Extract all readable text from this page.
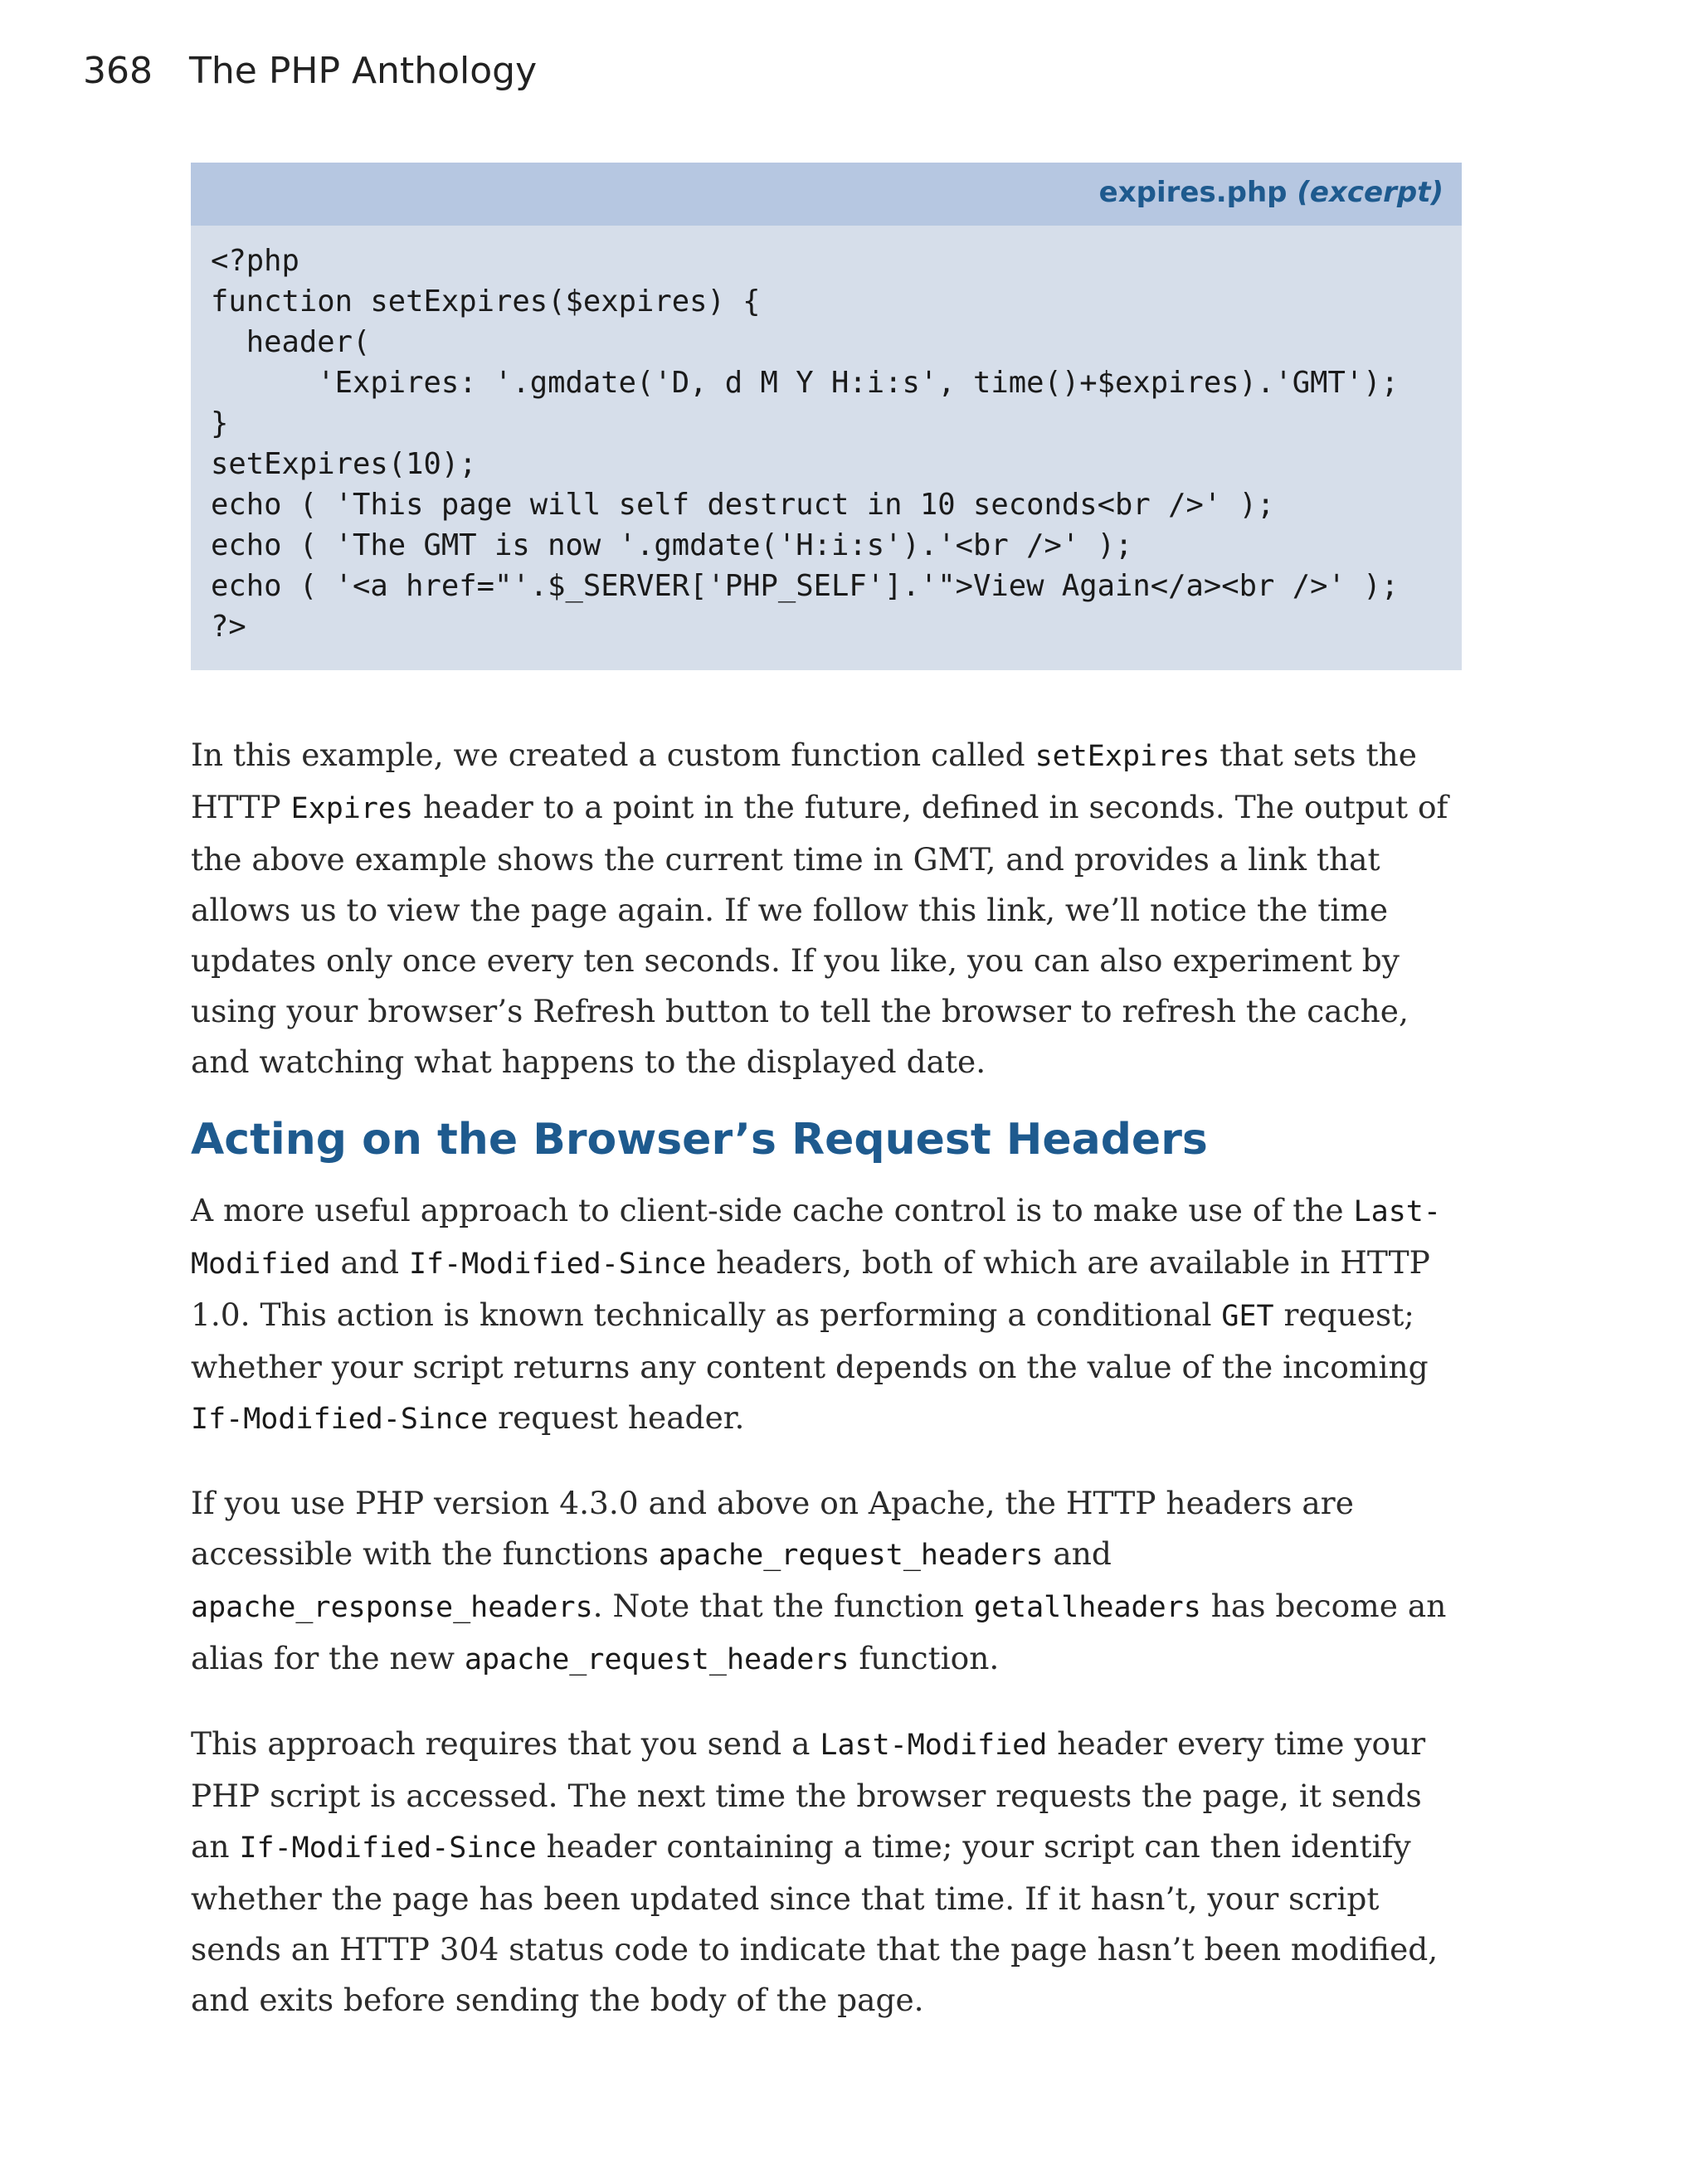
368 The PHP Anthology
expires.php (excerpt)
<?php
function setExpires($expires) {
header(
'Expires: '.gmdate('D, d M Y H:i:s', time()+$expires).'GMT');
}
setExpires(10);
echo ( 'This page will self destruct in 10 seconds<br />' );
echo ( 'The GMT is now '.gmdate('H:i:s').'<br />' );
echo ( '<a href="'.$_SERVER['PHP_SELF'].'">View Again</a><br />' );
?>

In this example, we created a custom function called setExpires that sets the HTTP Expires header to a point in the future, defined in seconds. The output of the above example shows the current time in GMT, and provides a link that allows us to view the page again. If we follow this link, we’ll notice the time updates only once every ten seconds. If you like, you can also experiment by using your browser’s Refresh button to tell the browser to refresh the cache, and watching what happens to the displayed date.

Acting on the Browser’s Request Headers

A more useful approach to client-side cache control is to make use of the Last-Modified and If-Modified-Since headers, both of which are available in HTTP 1.0. This action is known technically as performing a conditional GET request; whether your script returns any content depends on the value of the incoming If-Modified-Since request header.

If you use PHP version 4.3.0 and above on Apache, the HTTP headers are accessible with the functions apache_request_headers and apache_response_headers. Note that the function getallheaders has become an alias for the new apache_request_headers function.

This approach requires that you send a Last-Modified header every time your PHP script is accessed. The next time the browser requests the page, it sends an If-Modified-Since header containing a time; your script can then identify whether the page has been updated since that time. If it hasn’t, your script sends an HTTP 304 status code to indicate that the page hasn’t been modified, and exits before sending the body of the page.
